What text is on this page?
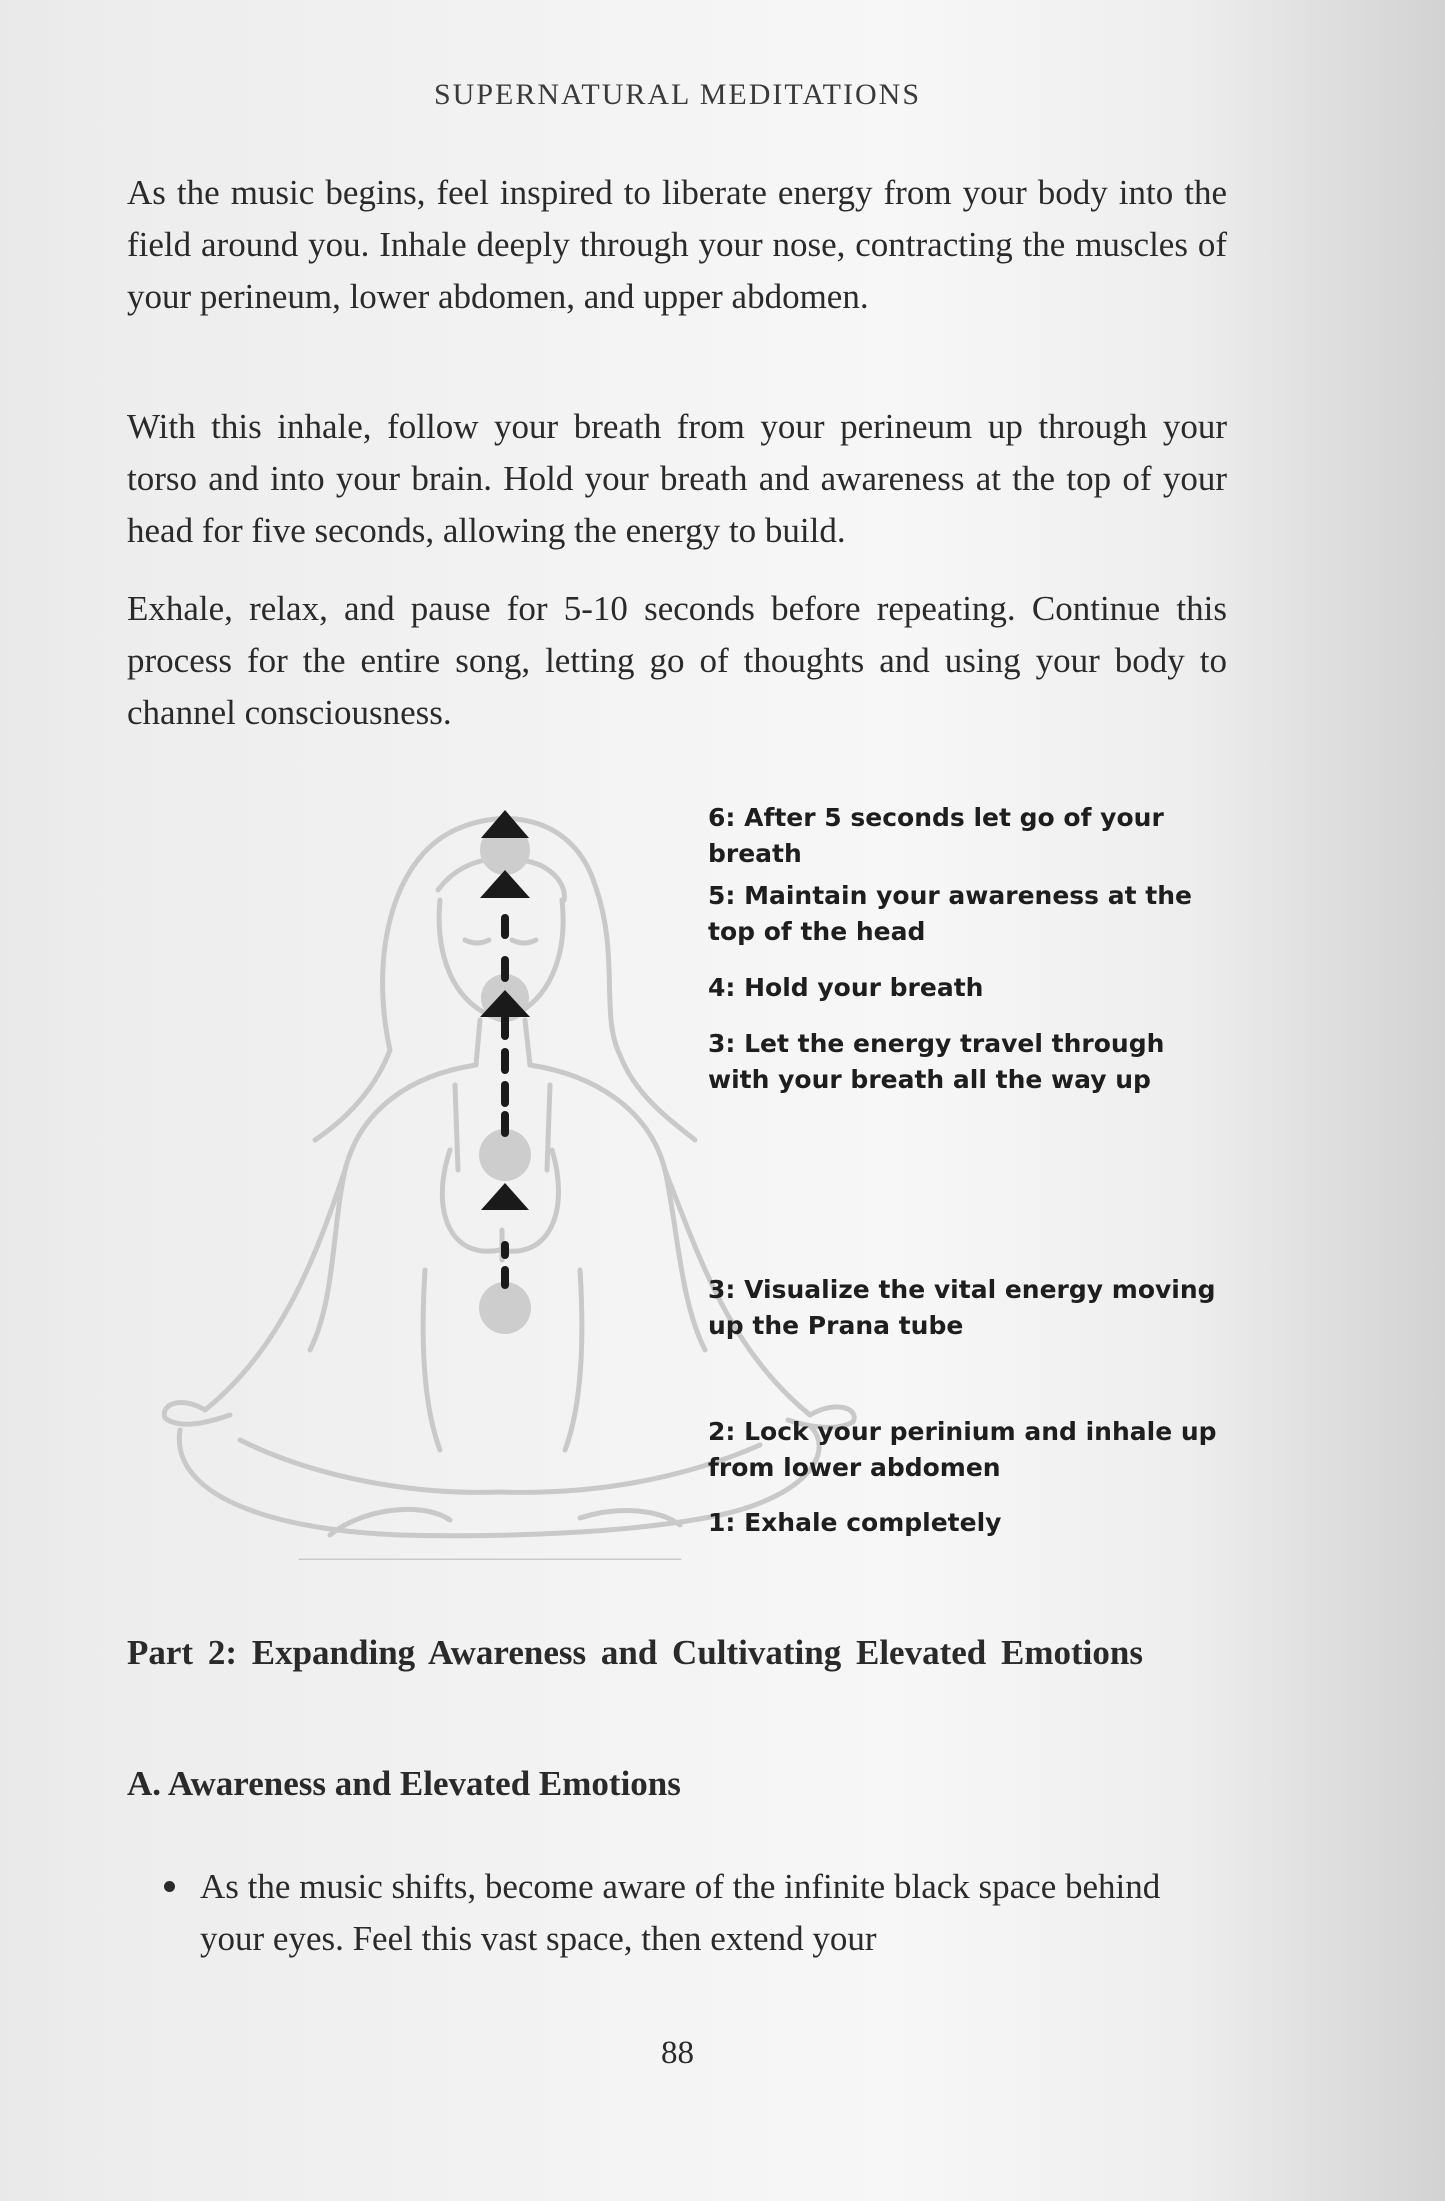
SUPERNATURAL MEDITATIONS

As the music begins, feel inspired to liberate energy from your body into the field around you. Inhale deeply through your nose, contracting the muscles of your perineum, lower abdomen, and upper abdomen.

With this inhale, follow your breath from your perineum up through your torso and into your brain. Hold your breath and awareness at the top of your head for five seconds, allowing the energy to build.

Exhale, relax, and pause for 5-10 seconds before repeating. Continue this process for the entire song, letting go of thoughts and using your body to channel consciousness.

6: After 5 seconds let go of your breath
5: Maintain your awareness at the top of the head
4: Hold your breath
3: Let the energy travel through with your breath all the way up
3: Visualize the vital energy moving up the Prana tube
2: Lock your perinium and inhale up from lower abdomen
1: Exhale completely
Part 2: Expanding Awareness and Cultivating Elevated Emotions
A. Awareness and Elevated Emotions
As the music shifts, become aware of the infinite black space behind your eyes. Feel this vast space, then extend your
88
